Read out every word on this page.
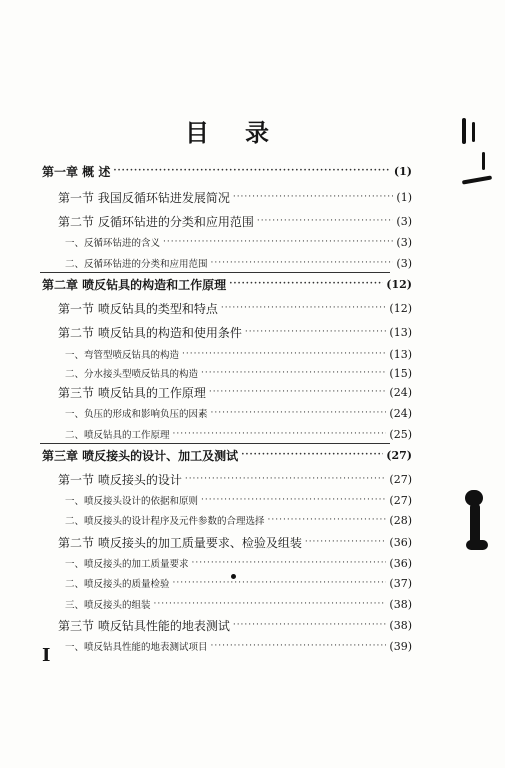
目 录
第一章 概 述 ·····	(1)
第一节 我国反循环钻进发展简况 ·····	(1)
第二节 反循环钻进的分类和应用范围 ·····	(3)
一、反循环钻进的含义 ·····	(3)
二、反循环钻进的分类和应用范围 ·····	(3)
第二章 喷反钻具的构造和工作原理 ·····	(12)
第一节 喷反钻具的类型和特点 ·····	(12)
第二节 喷反钻具的构造和使用条件 ·····	(13)
一、弯管型喷反钻具的构造 ·····	(13)
二、分水接头型喷反钻具的构造 ·····	(15)
第三节 喷反钻具的工作原理 ·····	(24)
一、负压的形成和影响负压的因素 ·····	(24)
二、喷反钻具的工作原理 ·····	(25)
第三章 喷反接头的设计、加工及测试 ·····	(27)
第一节 喷反接头的设计 ·····	(27)
一、喷反接头设计的依据和原则 ·····	(27)
二、喷反接头的设计程序及元件参数的合理选择 ·····	(28)
第二节 喷反接头的加工质量要求、检验及组装 ·····	(36)
一、喷反接头的加工质量要求 ·····	(36)
二、喷反接头的质量检验 ·····	(37)
三、喷反接头的组装 ·····	(38)
第三节 喷反钻具性能的地表测试 ·····	(38)
一、喷反钻具性能的地表测试项目 ·····	(39)
I
